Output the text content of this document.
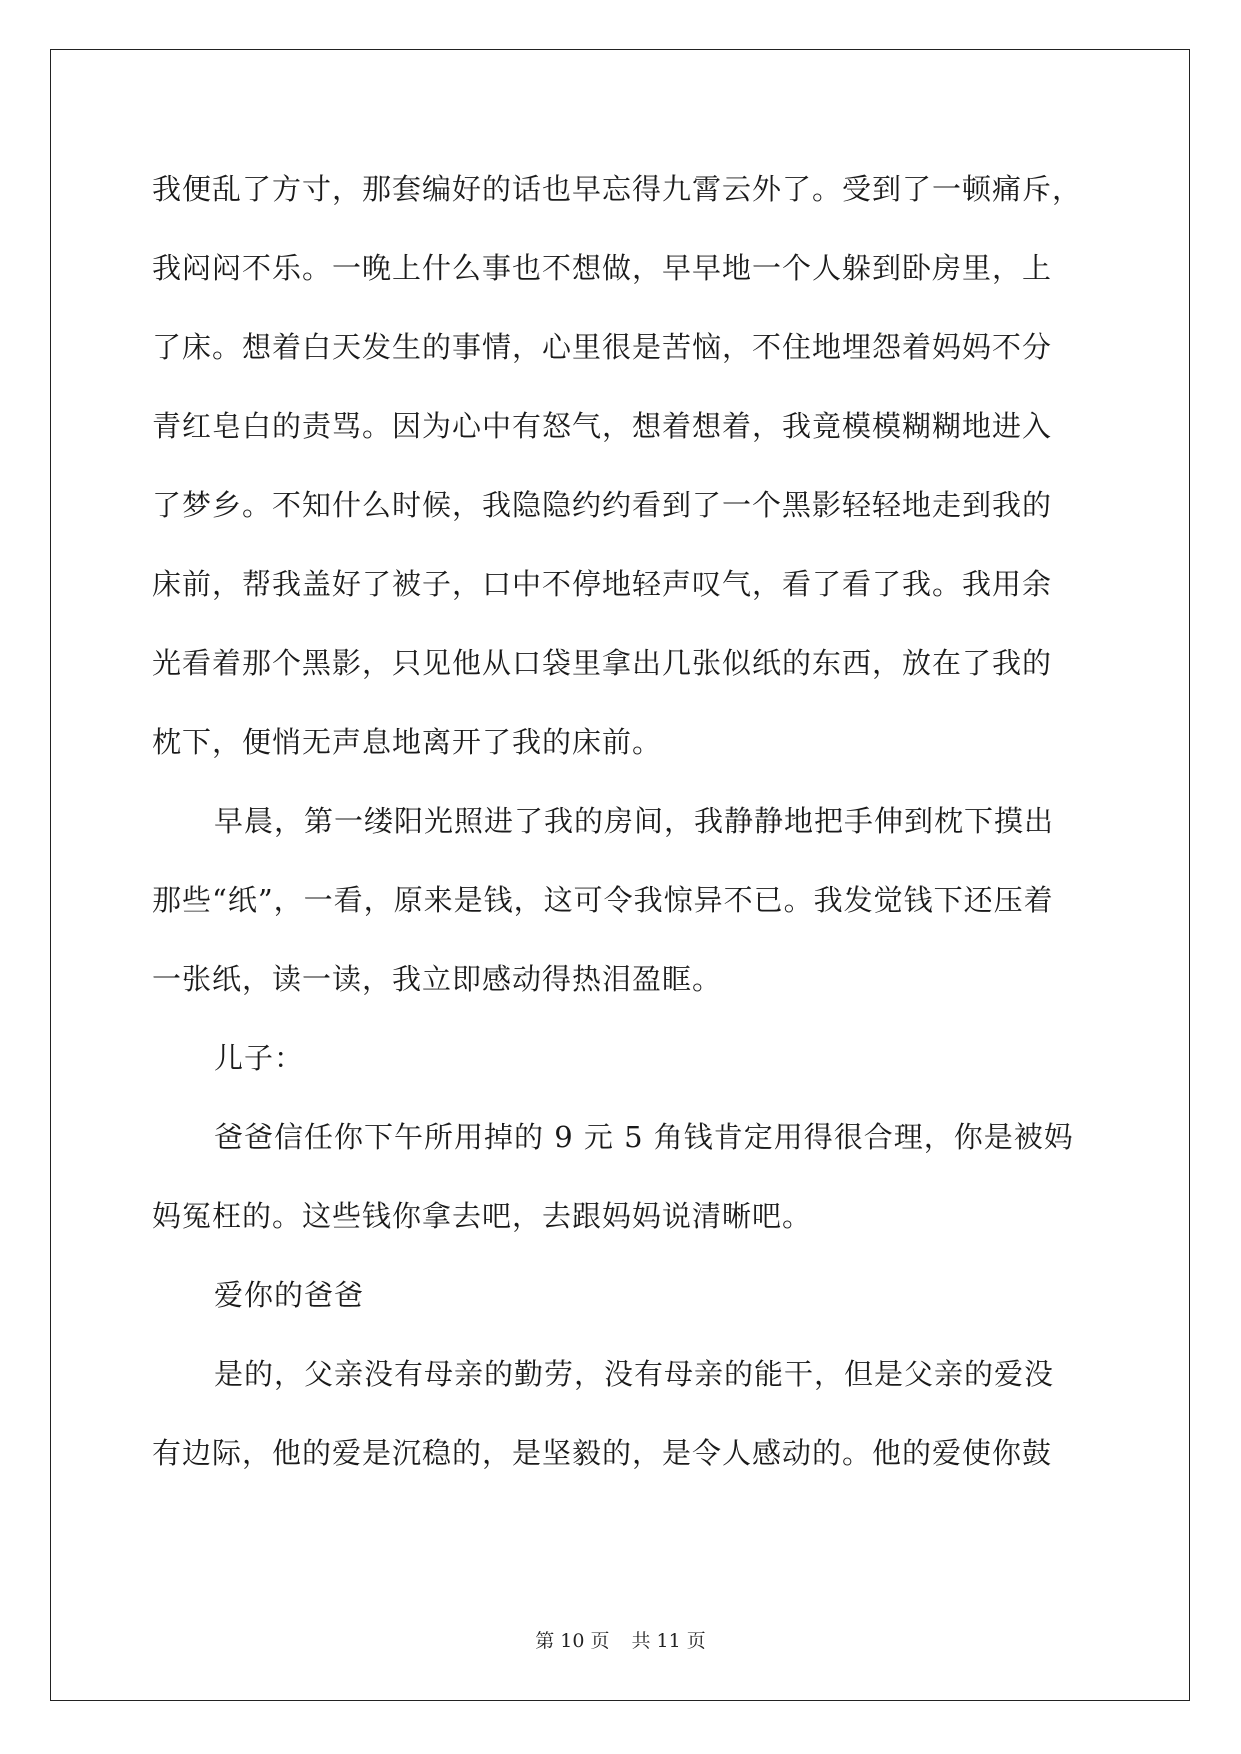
我便乱了方寸，那套编好的话也早忘得九霄云外了。受到了一顿痛斥，
我闷闷不乐。一晚上什么事也不想做，早早地一个人躲到卧房里，上
了床。想着白天发生的事情，心里很是苦恼，不住地埋怨着妈妈不分
青红皂白的责骂。因为心中有怒气，想着想着，我竟模模糊糊地进入
了梦乡。不知什么时候，我隐隐约约看到了一个黑影轻轻地走到我的
床前，帮我盖好了被子，口中不停地轻声叹气，看了看了我。我用余
光看着那个黑影，只见他从口袋里拿出几张似纸的东西，放在了我的
枕下，便悄无声息地离开了我的床前。
早晨，第一缕阳光照进了我的房间，我静静地把手伸到枕下摸出
那些“纸”，一看，原来是钱，这可令我惊异不已。我发觉钱下还压着
一张纸，读一读，我立即感动得热泪盈眶。
儿子：
爸爸信任你下午所用掉的 9 元 5 角钱肯定用得很合理，你是被妈
妈冤枉的。这些钱你拿去吧，去跟妈妈说清晰吧。
爱你的爸爸
是的，父亲没有母亲的勤劳，没有母亲的能干，但是父亲的爱没
有边际，他的爱是沉稳的，是坚毅的，是令人感动的。他的爱使你鼓
第 10 页 共 11 页
